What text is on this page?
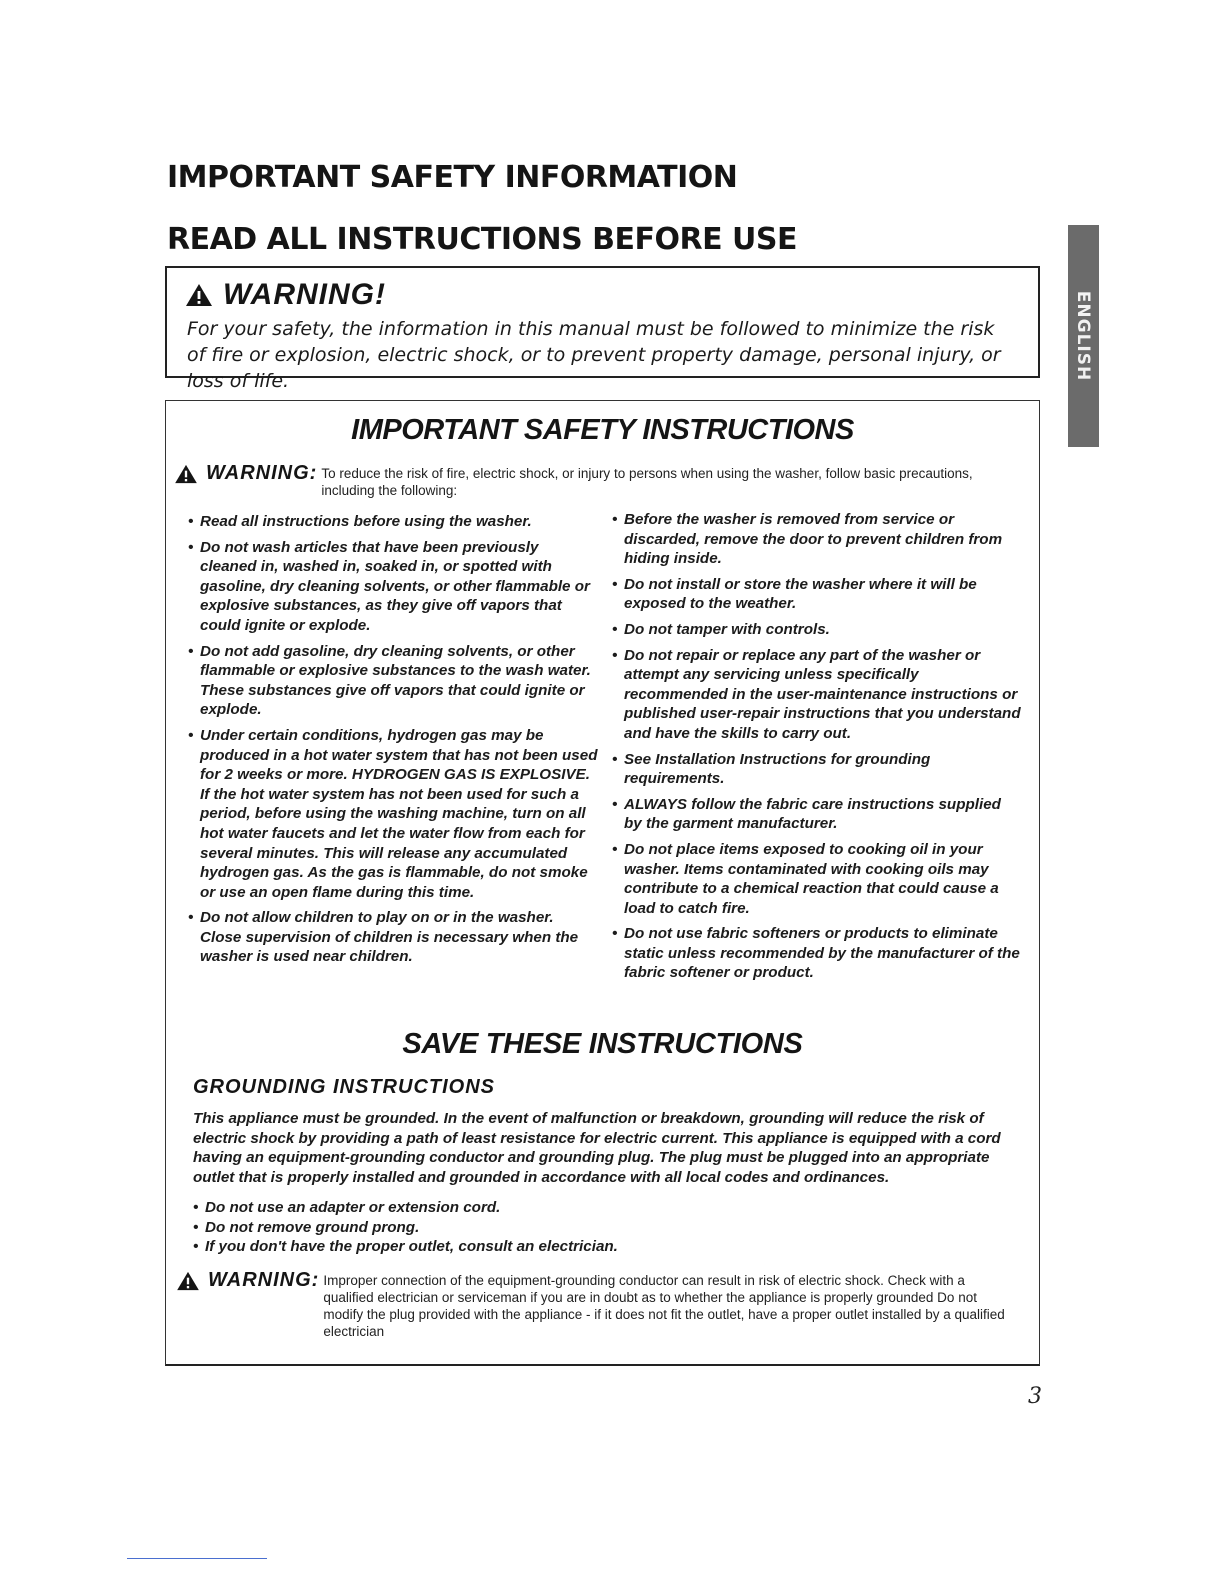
IMPORTANT SAFETY INFORMATION
READ ALL INSTRUCTIONS BEFORE USE
ENGLISH
WARNING!
For your safety, the information in this manual must be followed to minimize the risk of fire or explosion, electric shock, or to prevent property damage, personal injury, or loss of life.
IMPORTANT SAFETY INSTRUCTIONS
WARNING: To reduce the risk of fire, electric shock, or injury to persons when using the washer, follow basic precautions, including the following:
• Read all instructions before using the washer.
• Do not wash articles that have been previously cleaned in, washed in, soaked in, or spotted with gasoline, dry cleaning solvents, or other flammable or explosive substances, as they give off vapors that could ignite or explode.
• Do not add gasoline, dry cleaning solvents, or other flammable or explosive substances to the wash water. These substances give off vapors that could ignite or explode.
• Under certain conditions, hydrogen gas may be produced in a hot water system that has not been used for 2 weeks or more. HYDROGEN GAS IS EXPLOSIVE. If the hot water system has not been used for such a period, before using the washing machine, turn on all hot water faucets and let the water flow from each for several minutes. This will release any accumulated hydrogen gas. As the gas is flammable, do not smoke or use an open flame during this time.
• Do not allow children to play on or in the washer. Close supervision of children is necessary when the washer is used near children.
• Before the washer is removed from service or discarded, remove the door to prevent children from hiding inside.
• Do not install or store the washer where it will be exposed to the weather.
• Do not tamper with controls.
• Do not repair or replace any part of the washer or attempt any servicing unless specifically recommended in the user-maintenance instructions or published user-repair instructions that you understand and have the skills to carry out.
• See Installation Instructions for grounding requirements.
• ALWAYS follow the fabric care instructions supplied by the garment manufacturer.
• Do not place items exposed to cooking oil in your washer. Items contaminated with cooking oils may contribute to a chemical reaction that could cause a load to catch fire.
• Do not use fabric softeners or products to eliminate static unless recommended by the manufacturer of the fabric softener or product.
SAVE THESE INSTRUCTIONS
GROUNDING INSTRUCTIONS

This appliance must be grounded. In the event of malfunction or breakdown, grounding will reduce the risk of electric shock by providing a path of least resistance for electric current. This appliance is equipped with a cord having an equipment-grounding conductor and grounding plug. The plug must be plugged into an appropriate outlet that is properly installed and grounded in accordance with all local codes and ordinances.

• Do not use an adapter or extension cord.
• Do not remove ground prong.
• If you don't have the proper outlet, consult an electrician.
WARNING: Improper connection of the equipment-grounding conductor can result in risk of electric shock. Check with a qualified electrician or serviceman if you are in doubt as to whether the appliance is properly grounded Do not modify the plug provided with the appliance - if it does not fit the outlet, have a proper outlet installed by a qualified electrician
3
